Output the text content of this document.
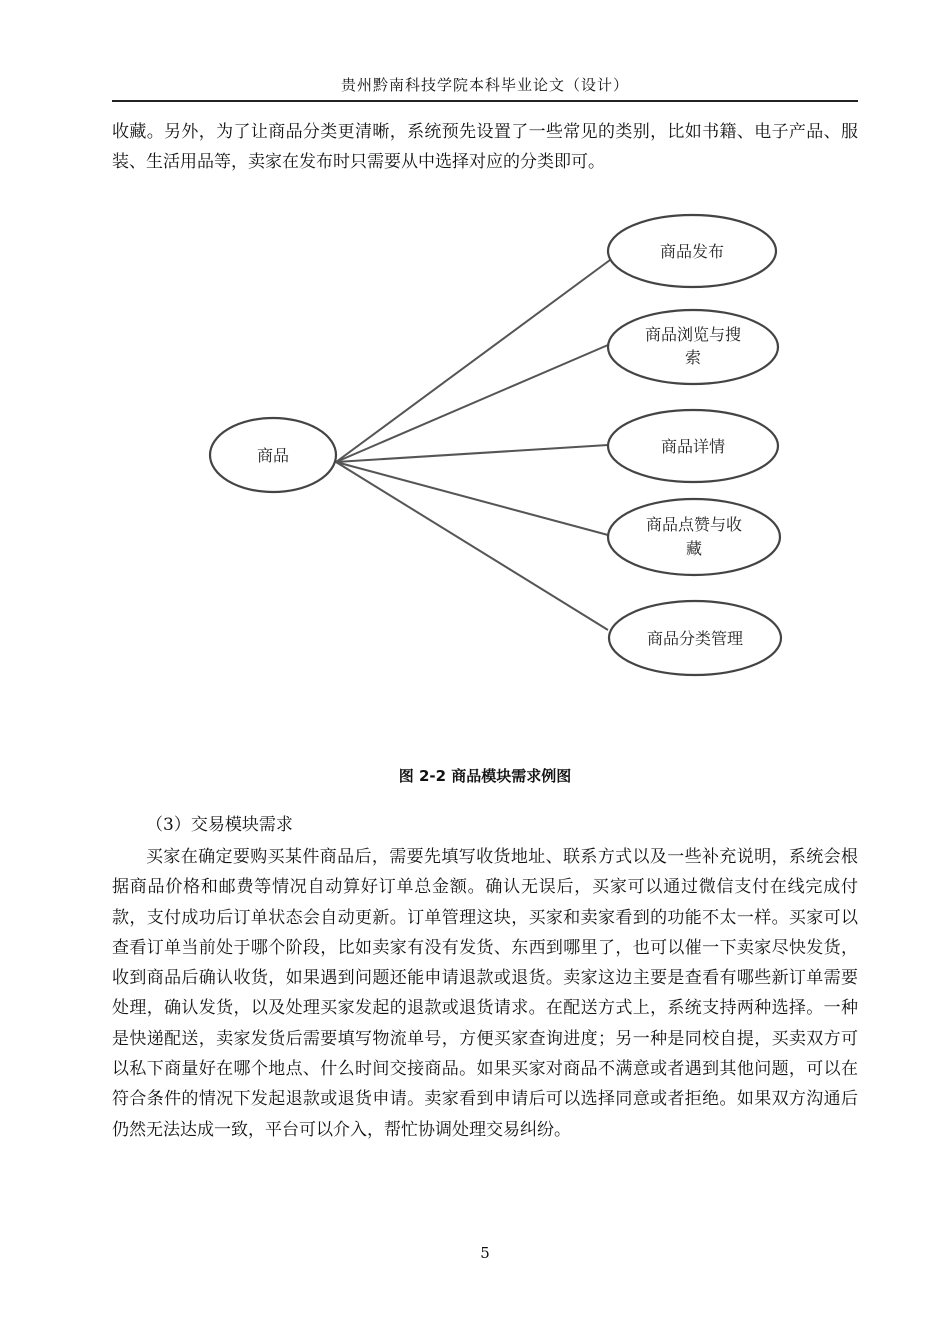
贵州黔南科技学院本科毕业论文（设计）

收藏。另外，为了让商品分类更清晰，系统预先设置了一些常见的类别，比如书籍、电子产品、服装、生活用品等，卖家在发布时只需要从中选择对应的分类即可。

商品
商品发布
商品浏览与搜
索
商品详情
商品点赞与收
藏
商品分类管理
图 2-2 商品模块需求例图
（3）交易模块需求

买家在确定要购买某件商品后，需要先填写收货地址、联系方式以及一些补充说明，系统会根据商品价格和邮费等情况自动算好订单总金额。确认无误后，买家可以通过微信支付在线完成付款，支付成功后订单状态会自动更新。订单管理这块，买家和卖家看到的功能不太一样。买家可以查看订单当前处于哪个阶段，比如卖家有没有发货、东西到哪里了，也可以催一下卖家尽快发货，收到商品后确认收货，如果遇到问题还能申请退款或退货。卖家这边主要是查看有哪些新订单需要处理，确认发货，以及处理买家发起的退款或退货请求。在配送方式上，系统支持两种选择。一种是快递配送，卖家发货后需要填写物流单号，方便买家查询进度；另一种是同校自提，买卖双方可以私下商量好在哪个地点、什么时间交接商品。如果买家对商品不满意或者遇到其他问题，可以在符合条件的情况下发起退款或退货申请。卖家看到申请后可以选择同意或者拒绝。如果双方沟通后仍然无法达成一致，平台可以介入，帮忙协调处理交易纠纷。

5
